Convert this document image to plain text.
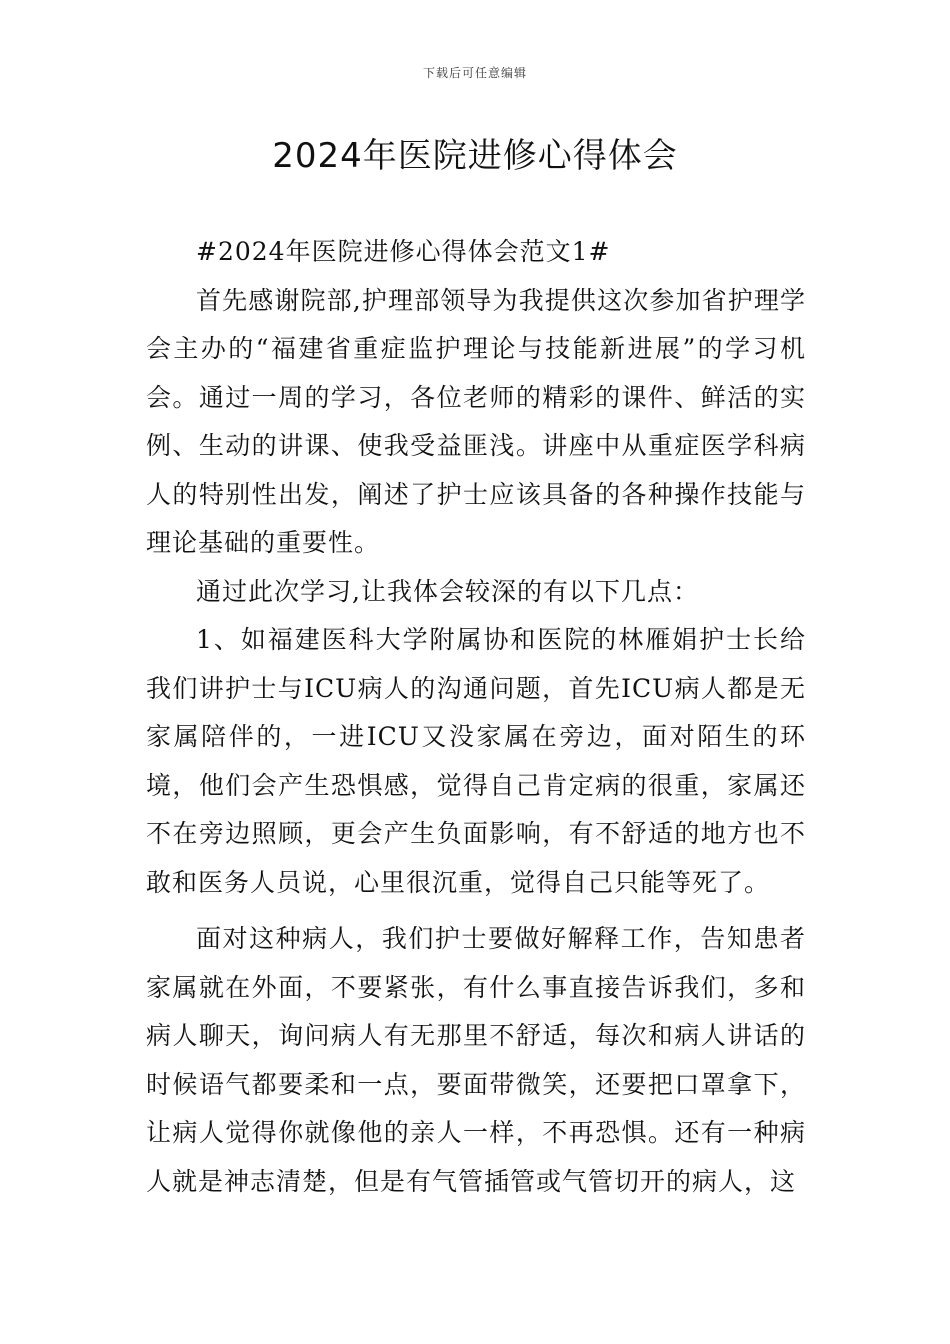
下载后可任意编辑
2024年医院进修心得体会

#2024年医院进修心得体会范文1#

首先感谢院部,护理部领导为我提供这次参加省护理学会主办的“福建省重症监护理论与技能新进展”的学习机会。通过一周的学习，各位老师的精彩的课件、鲜活的实例、生动的讲课、使我受益匪浅。讲座中从重症医学科病人的特别性出发，阐述了护士应该具备的各种操作技能与理论基础的重要性。

通过此次学习,让我体会较深的有以下几点：

1、如福建医科大学附属协和医院的林雁娟护士长给我们讲护士与ICU病人的沟通问题，首先ICU病人都是无家属陪伴的，一进ICU又没家属在旁边，面对陌生的环境，他们会产生恐惧感，觉得自己肯定病的很重，家属还不在旁边照顾，更会产生负面影响，有不舒适的地方也不敢和医务人员说，心里很沉重，觉得自己只能等死了。

面对这种病人，我们护士要做好解释工作，告知患者家属就在外面，不要紧张，有什么事直接告诉我们，多和病人聊天，询问病人有无那里不舒适，每次和病人讲话的时候语气都要柔和一点，要面带微笑，还要把口罩拿下，让病人觉得你就像他的亲人一样，不再恐惧。还有一种病人就是神志清楚，但是有气管插管或气管切开的病人，这
